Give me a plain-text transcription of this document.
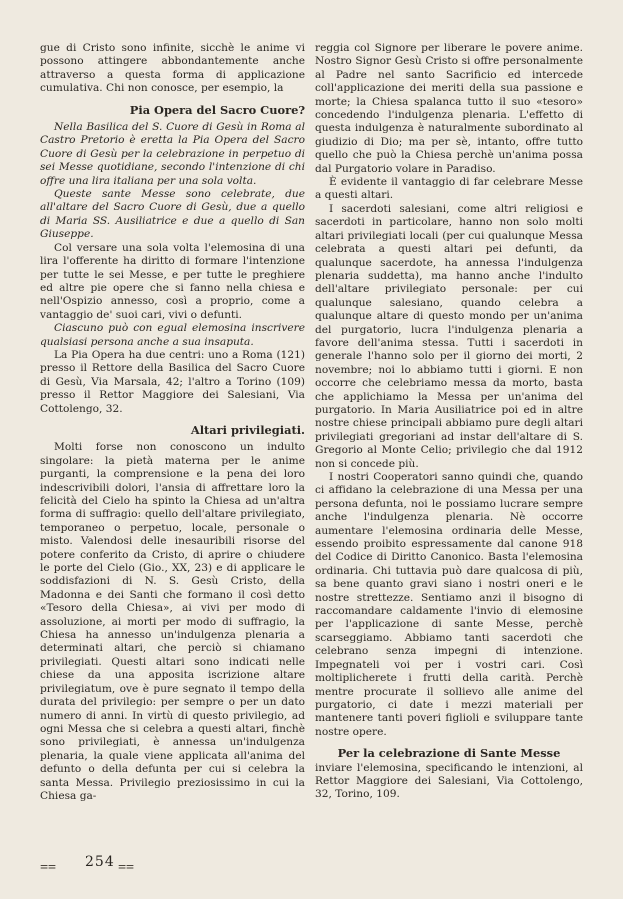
gue di Cristo sono infinite, sicchè le anime vi possono attingere abbondantemente anche attraverso a questa forma di applicazione cumulativa. Chi non conosce, per esempio, la

Pia Opera del Sacro Cuore?

Nella Basilica del S. Cuore di Gesù in Roma al Castro Pretorio è eretta la Pia Opera del Sacro Cuore di Gesù per la celebrazione in perpetuo di sei Messe quotidiane, secondo l'intenzione di chi offre una lira italiana per una sola volta.

Queste sante Messe sono celebrate, due all'altare del Sacro Cuore di Gesù, due a quello di Maria SS. Ausiliatrice e due a quello di San Giuseppe.

Col versare una sola volta l'elemosina di una lira l'offerente ha diritto di formare l'intenzione per tutte le sei Messe, e per tutte le preghiere ed altre pie opere che si fanno nella chiesa e nell'Ospizio annesso, così a proprio, come a vantaggio de' suoi cari, vivi o defunti.

Ciascuno può con egual elemosina inscrivere qualsiasi persona anche a sua insaputa.

La Pia Opera ha due centri: uno a Roma (121) presso il Rettore della Basilica del Sacro Cuore di Gesù, Via Marsala, 42; l'altro a Torino (109) presso il Rettor Maggiore dei Salesiani, Via Cottolengo, 32.

Altari privilegiati.

Molti forse non conoscono un indulto singolare: la pietà materna per le anime purganti, la comprensione e la pena dei loro indescrivibili dolori, l'ansia di affrettare loro la felicità del Cielo ha spinto la Chiesa ad un'altra forma di suffragio: quello dell'altare privilegiato, temporaneo o perpetuo, locale, personale o misto. Valendosi delle inesauribili risorse del potere conferito da Cristo, di aprire o chiudere le porte del Cielo (Gio., XX, 23) e di applicare le soddisfazioni di N. S. Gesù Cristo, della Madonna e dei Santi che formano il così detto «Tesoro della Chiesa», ai vivi per modo di assoluzione, ai morti per modo di suffragio, la Chiesa ha annesso un'indulgenza plenaria a determinati altari, che perciò si chiamano privilegiati. Questi altari sono indicati nelle chiese da una apposita iscrizione altare privilegiatum, ove è pure segnato il tempo della durata del privilegio: per sempre o per un dato numero di anni. In virtù di questo privilegio, ad ogni Messa che si celebra a questi altari, finchè sono privilegiati, è annessa un'indulgenza plenaria, la quale viene applicata all'anima del defunto o della defunta per cui si celebra la santa Messa. Privilegio preziosissimo in cui la Chiesa ga-

reggia col Signore per liberare le povere anime. Nostro Signor Gesù Cristo si offre personalmente al Padre nel santo Sacrificio ed intercede coll'applicazione dei meriti della sua passione e morte; la Chiesa spalanca tutto il suo «tesoro» concedendo l'indulgenza plenaria. L'effetto di questa indulgenza è naturalmente subordinato al giudizio di Dio; ma per sè, intanto, offre tutto quello che può la Chiesa perchè un'anima possa dal Purgatorio volare in Paradiso.

È evidente il vantaggio di far celebrare Messe a questi altari.

I sacerdoti salesiani, come altri religiosi e sacerdoti in particolare, hanno non solo molti altari privilegiati locali (per cui qualunque Messa celebrata a questi altari pei defunti, da qualunque sacerdote, ha annessa l'indulgenza plenaria suddetta), ma hanno anche l'indulto dell'altare privilegiato personale: per cui qualunque salesiano, quando celebra a qualunque altare di questo mondo per un'anima del purgatorio, lucra l'indulgenza plenaria a favore dell'anima stessa. Tutti i sacerdoti in generale l'hanno solo per il giorno dei morti, 2 novembre; noi lo abbiamo tutti i giorni. E non occorre che celebriamo messa da morto, basta che applichiamo la Messa per un'anima del purgatorio. In Maria Ausiliatrice poi ed in altre nostre chiese principali abbiamo pure degli altari privilegiati gregoriani ad instar dell'altare di S. Gregorio al Monte Celio; privilegio che dal 1912 non si concede più.

I nostri Cooperatori sanno quindi che, quando ci affidano la celebrazione di una Messa per una persona defunta, noi le possiamo lucrare sempre anche l'indulgenza plenaria. Nè occorre aumentare l'elemosina ordinaria delle Messe, essendo proibito espressamente dal canone 918 del Codice di Diritto Canonico. Basta l'elemosina ordinaria. Chi tuttavia può dare qualcosa di più, sa bene quanto gravi siano i nostri oneri e le nostre strettezze. Sentiamo anzi il bisogno di raccomandare caldamente l'invio di elemosine per l'applicazione di sante Messe, perchè scarseggiamo. Abbiamo tanti sacerdoti che celebrano senza impegni di intenzione. Impegnateli voi per i vostri cari. Così moltiplicherete i frutti della carità. Perchè mentre procurate il sollievo alle anime del purgatorio, ci date i mezzi materiali per mantenere tanti poveri figlioli e sviluppare tante nostre opere.

Per la celebrazione di Sante Messe

inviare l'elemosina, specificando le intenzioni, al Rettor Maggiore dei Salesiani, Via Cottolengo, 32, Torino, 109.

⩵ 254 ⩵
